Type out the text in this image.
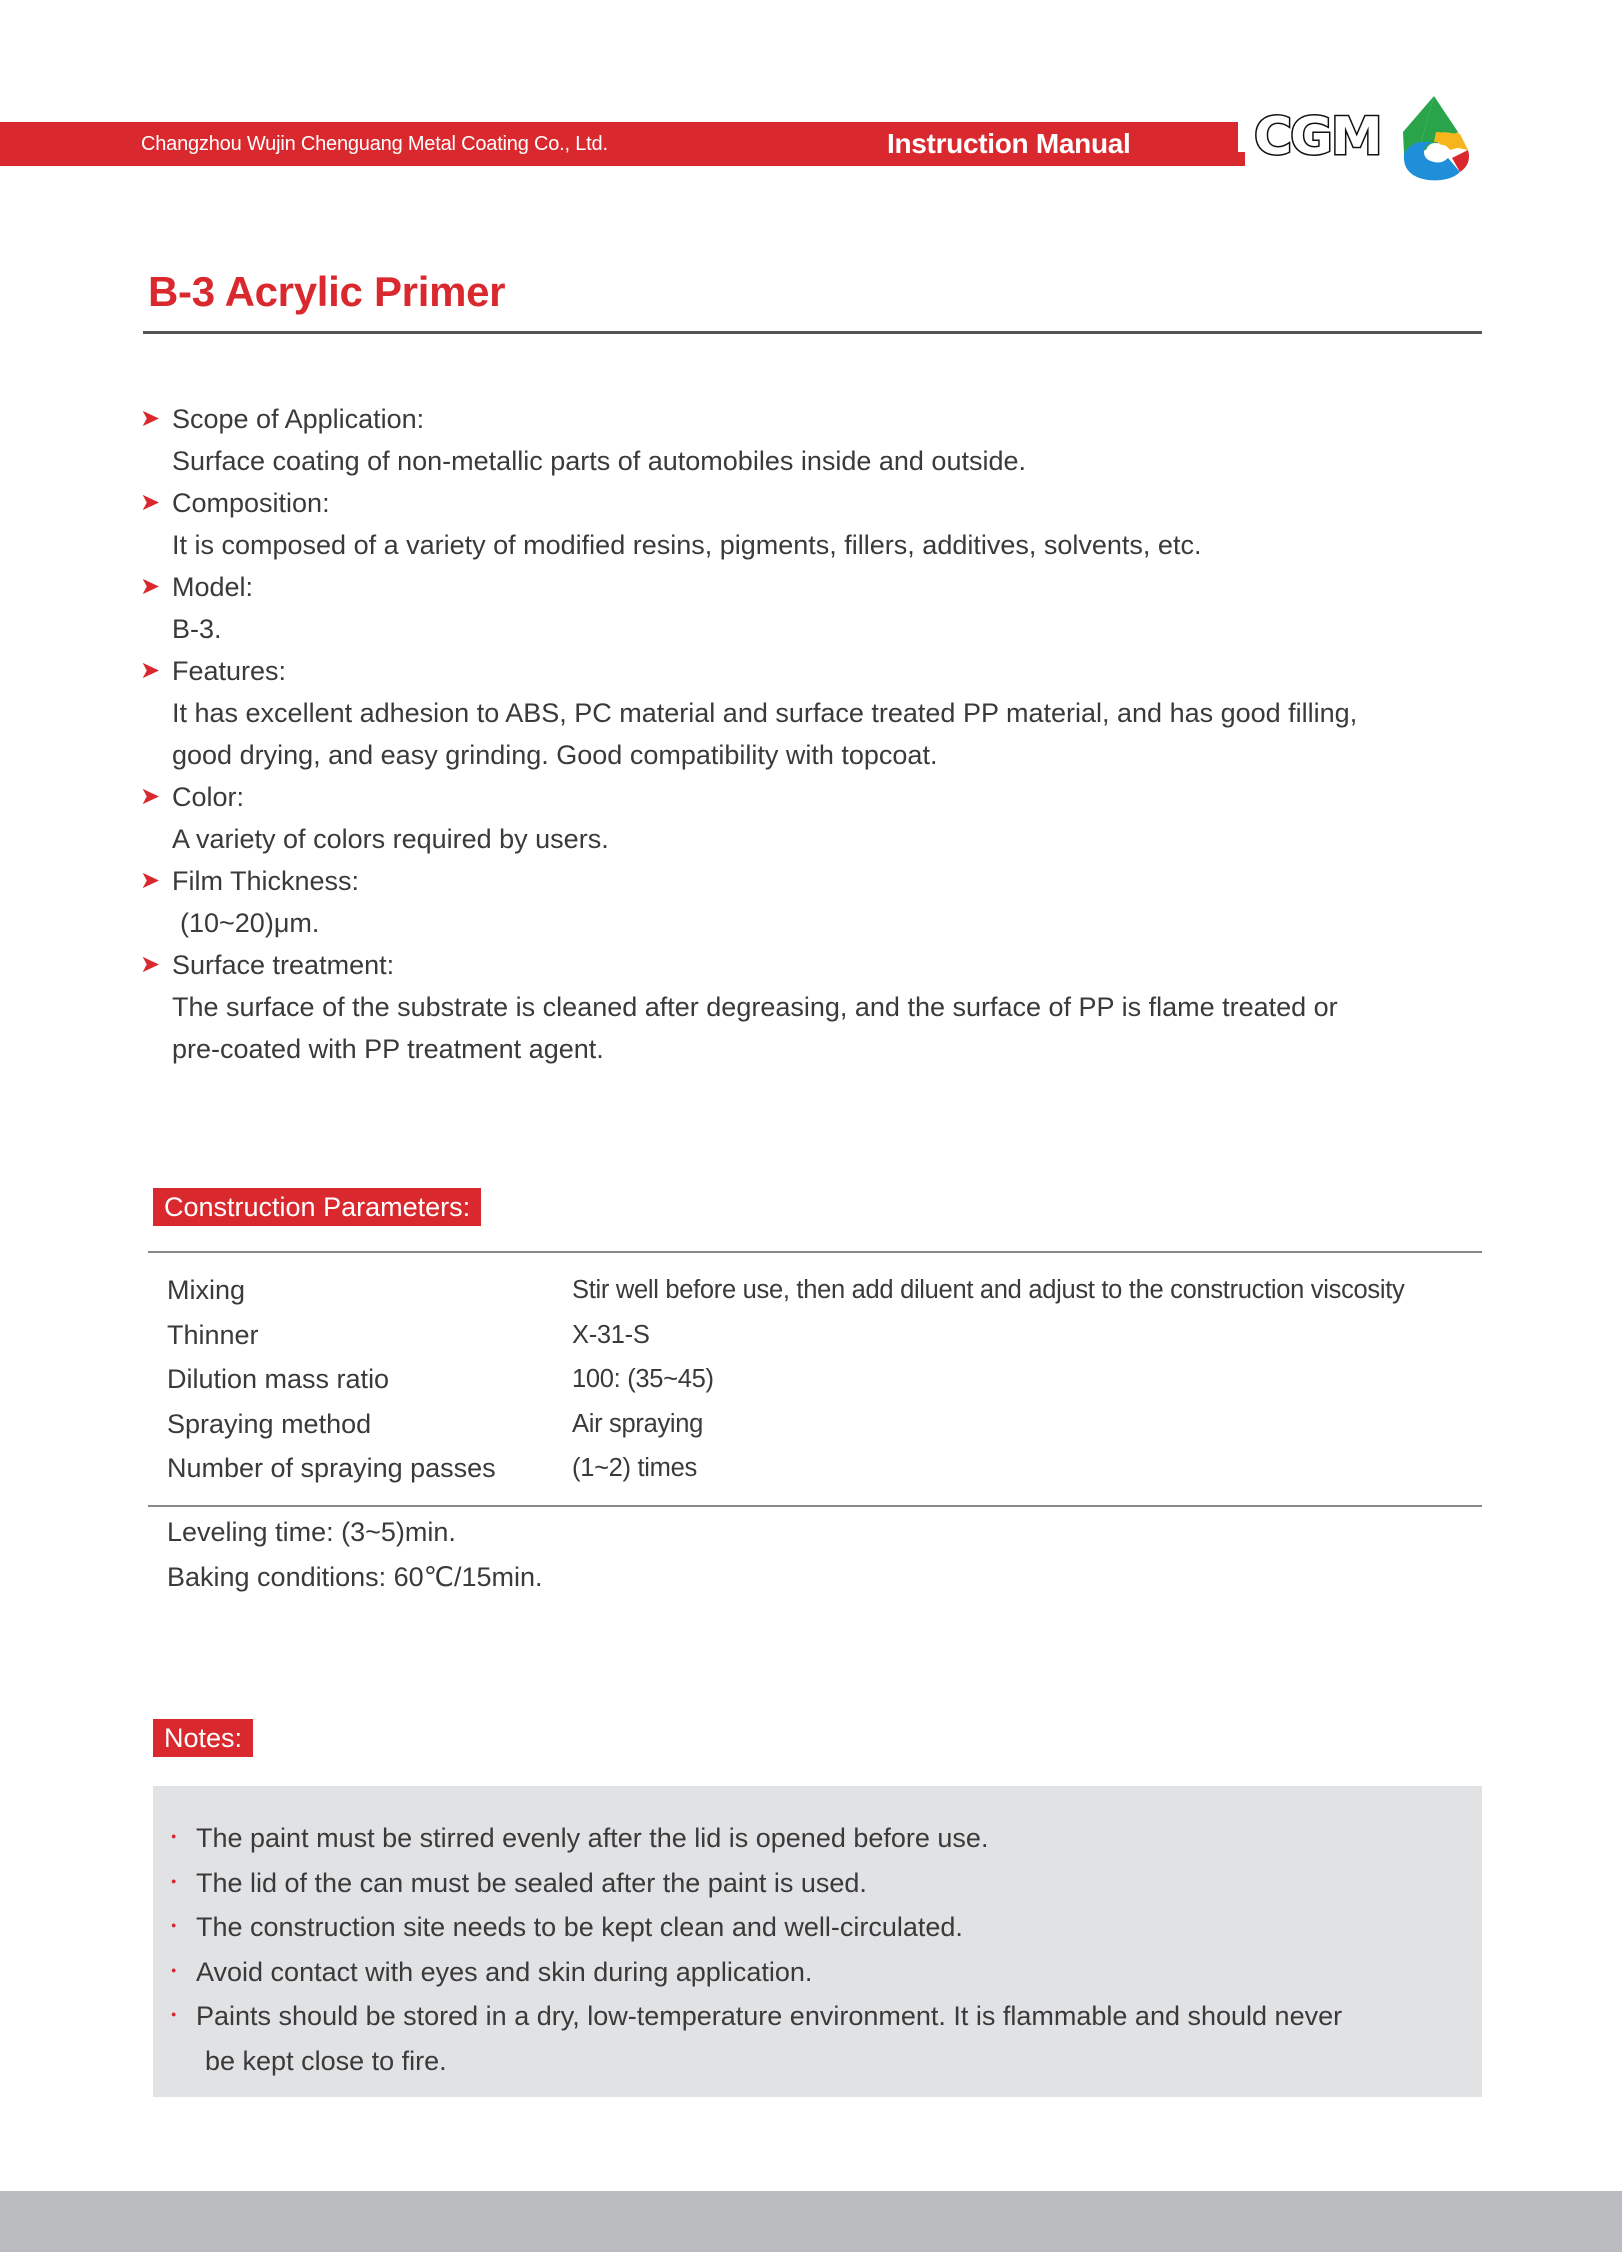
Changzhou Wujin Chenguang Metal Coating Co., Ltd.	Instruction Manual CGM
B-3 Acrylic Primer
➤ Scope of Application:
Surface coating of non-metallic parts of automobiles inside and outside.
➤ Composition:
It is composed of a variety of modified resins, pigments, fillers, additives, solvents, etc.
➤ Model:
B-3.
➤ Features:
It has excellent adhesion to ABS, PC material and surface treated PP material, and has good filling,
good drying, and easy grinding. Good compatibility with topcoat.
➤ Color:
A variety of colors required by users.
➤ Film Thickness:
(10~20)μm.
➤ Surface treatment:
The surface of the substrate is cleaned after degreasing, and the surface of PP is flame treated or
pre-coated with PP treatment agent.
Construction Parameters:
Mixing	Stir well before use, then add diluent and adjust to the construction viscosity
Thinner	X-31-S
Dilution mass ratio	100: (35~45)
Spraying method	Air spraying
Number of spraying passes	(1~2) times
Leveling time: (3~5)min.
Baking conditions: 60℃/15min.
Notes:
● The paint must be stirred evenly after the lid is opened before use.
● The lid of the can must be sealed after the paint is used.
● The construction site needs to be kept clean and well-circulated.
● Avoid contact with eyes and skin during application.
● Paints should be stored in a dry, low-temperature environment. It is flammable and should never
be kept close to fire.
